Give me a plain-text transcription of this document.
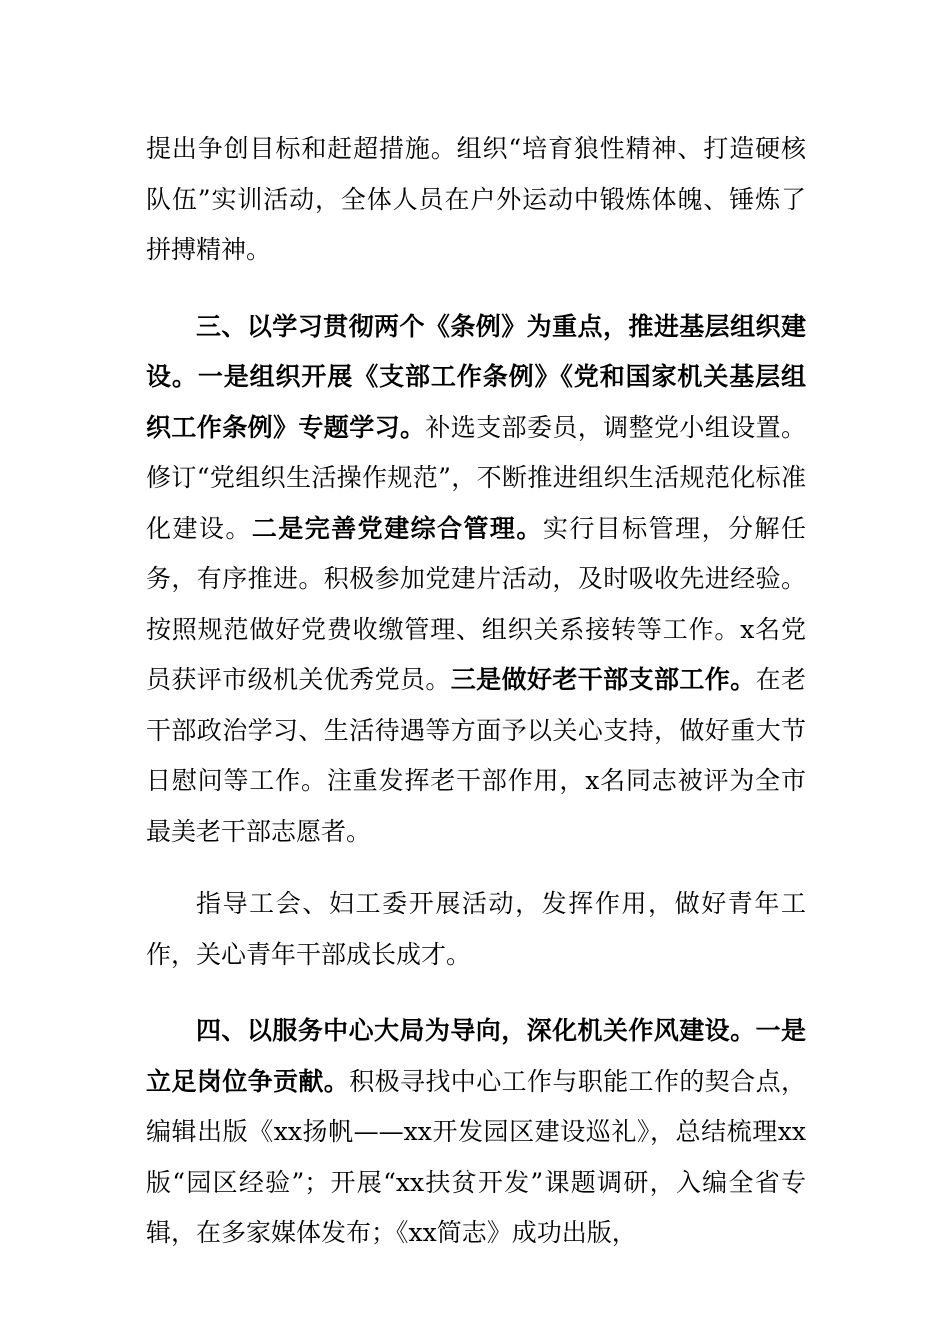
提出争创目标和赶超措施。组织“培育狼性精神、打造硬核队伍”实训活动，全体人员在户外运动中锻炼体魄、锤炼了拼搏精神。

三、以学习贯彻两个《条例》为重点，推进基层组织建设。一是组织开展《支部工作条例》《党和国家机关基层组织工作条例》专题学习。补选支部委员，调整党小组设置。修订“党组织生活操作规范”，不断推进组织生活规范化标准化建设。二是完善党建综合管理。实行目标管理，分解任务，有序推进。积极参加党建片活动，及时吸收先进经验。按照规范做好党费收缴管理、组织关系接转等工作。x名党员获评市级机关优秀党员。三是做好老干部支部工作。在老干部政治学习、生活待遇等方面予以关心支持，做好重大节日慰问等工作。注重发挥老干部作用，x名同志被评为全市最美老干部志愿者。

指导工会、妇工委开展活动，发挥作用，做好青年工作，关心青年干部成长成才。

四、以服务中心大局为导向，深化机关作风建设。一是立足岗位争贡献。积极寻找中心工作与职能工作的契合点，编辑出版《xx扬帆——xx开发园区建设巡礼》，总结梳理xx版“园区经验”；开展“xx扶贫开发”课题调研，入编全省专辑，在多家媒体发布；《xx简志》成功出版，
